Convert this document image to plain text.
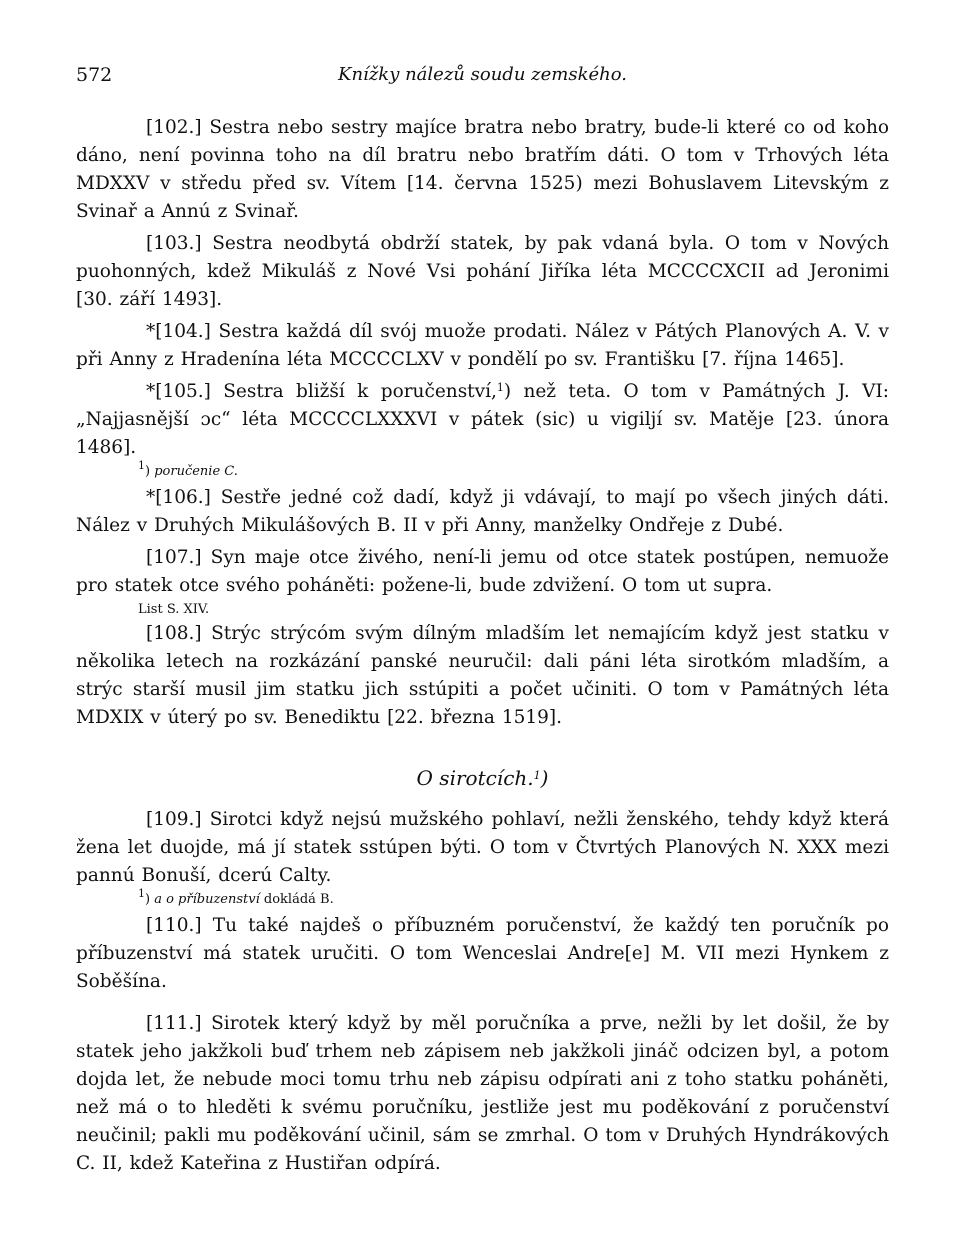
572	Knížky nálezů soudu zemského.

[102.] Sestra nebo sestry majíce bratra nebo bratry, bude-li které co od koho dáno, není povinna toho na díl bratru nebo bratřím dáti. O tom v Trhových léta MDXXV v středu před sv. Vítem [14. června 1525) mezi Bohuslavem Litevským z Svinař a Annú z Svinař.

[103.] Sestra neodbytá obdrží statek, by pak vdaná byla. O tom v Nových puohonných, kdež Mikuláš z Nové Vsi pohání Jiříka léta MCCCCXCII ad Jeronimi [30. září 1493].

*[104.] Sestra každá díl svój muože prodati. Nález v Pátých Planových A. V. v při Anny z Hradenína léta MCCCCLXV v pondělí po sv. Františku [7. října 1465].

*[105.] Sestra bližší k poručenství,$^1$) než teta. O tom v Památných J. VI: „Najjasnější ɔc“ léta MCCCCLXXXVI v pátek (sic) u vigiljí sv. Matěje [23. února 1486].

$^1$) poručenie C.

*[106.] Sestře jedné což dadí, když ji vdávají, to mají po všech jiných dáti. Nález v Druhých Mikulášových B. II v při Anny, manželky Ondřeje z Dubé.

[107.] Syn maje otce živého, není-li jemu od otce statek postúpen, nemuože pro statek otce svého poháněti: požene-li, bude zdvižení. O tom ut supra.

List S. XIV.

[108.] Strýc strýcóm svým dílným mladším let nemajícím když jest statku v několika letech na rozkázání panské neuručil: dali páni léta sirotkóm mladším, a strýc starší musil jim statku jich sstúpiti a počet učiniti. O tom v Památných léta MDXIX v úterý po sv. Benediktu [22. března 1519].

O sirotcích.$^1$)

[109.] Sirotci když nejsú mužského pohlaví, nežli ženského, tehdy když která žena let duojde, má jí statek sstúpen býti. O tom v Čtvrtých Planových N. XXX mezi pannú Bonuší, dcerú Calty.

$^1$) a o příbuzenství dokládá B.

[110.] Tu také najdeš o příbuzném poručenství, že každý ten poručník po příbuzenství má statek uručiti. O tom Wenceslai Andre[e] M. VII mezi Hynkem z Soběšína.

[111.] Sirotek který když by měl poručníka a prve, nežli by let došil, že by statek jeho jakžkoli buď trhem neb zápisem neb jakžkoli jináč odcizen byl, a potom dojda let, že nebude moci tomu trhu neb zápisu odpírati ani z toho statku poháněti, než má o to hleděti k svému poručníku, jestliže jest mu poděkování z poručenství neučinil; pakli mu poděkování učinil, sám se zmrhal. O tom v Druhých Hyndrákových C. II, kdež Kateřina z Hustiřan odpírá.
